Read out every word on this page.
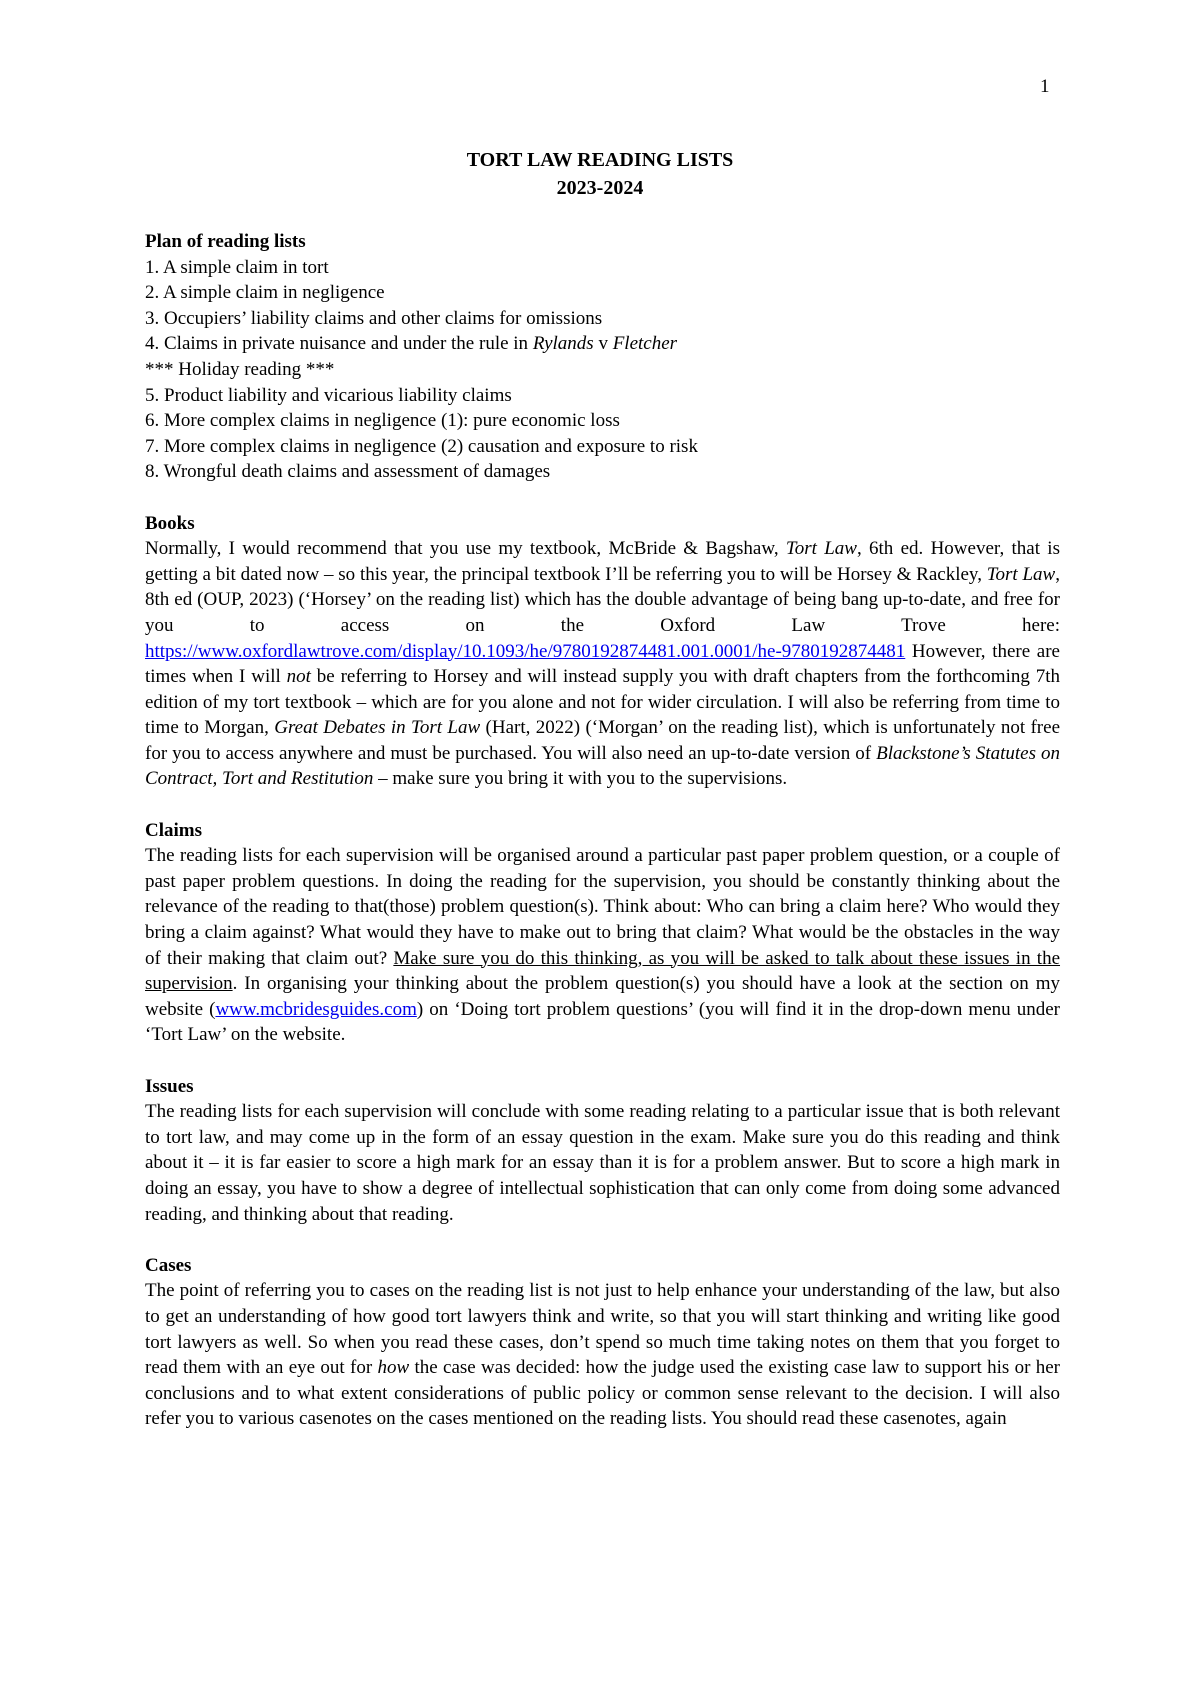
1
TORT LAW READING LISTS
2023-2024
Plan of reading lists
1. A simple claim in tort
2. A simple claim in negligence
3. Occupiers’ liability claims and other claims for omissions
4. Claims in private nuisance and under the rule in Rylands v Fletcher
*** Holiday reading ***
5. Product liability and vicarious liability claims
6. More complex claims in negligence (1): pure economic loss
7. More complex claims in negligence (2) causation and exposure to risk
8. Wrongful death claims and assessment of damages
Books

Normally, I would recommend that you use my textbook, McBride & Bagshaw, Tort Law, 6th ed. However, that is getting a bit dated now – so this year, the principal textbook I’ll be referring you to will be Horsey & Rackley, Tort Law, 8th ed (OUP, 2023) (‘Horsey’ on the reading list) which has the double advantage of being bang up-to-date, and free for you to access on the Oxford Law Trove here: https://www.oxfordlawtrove.com/display/10.1093/he/9780192874481.001.0001/he-9780192874481 However, there are times when I will not be referring to Horsey and will instead supply you with draft chapters from the forthcoming 7th edition of my tort textbook – which are for you alone and not for wider circulation. I will also be referring from time to time to Morgan, Great Debates in Tort Law (Hart, 2022) (‘Morgan’ on the reading list), which is unfortunately not free for you to access anywhere and must be purchased. You will also need an up-to-date version of Blackstone’s Statutes on Contract, Tort and Restitution – make sure you bring it with you to the supervisions.

Claims

The reading lists for each supervision will be organised around a particular past paper problem question, or a couple of past paper problem questions. In doing the reading for the supervision, you should be constantly thinking about the relevance of the reading to that(those) problem question(s). Think about: Who can bring a claim here? Who would they bring a claim against? What would they have to make out to bring that claim? What would be the obstacles in the way of their making that claim out? Make sure you do this thinking, as you will be asked to talk about these issues in the supervision. In organising your thinking about the problem question(s) you should have a look at the section on my website (www.mcbridesguides.com) on ‘Doing tort problem questions’ (you will find it in the drop-down menu under ‘Tort Law’ on the website.

Issues

The reading lists for each supervision will conclude with some reading relating to a particular issue that is both relevant to tort law, and may come up in the form of an essay question in the exam. Make sure you do this reading and think about it – it is far easier to score a high mark for an essay than it is for a problem answer. But to score a high mark in doing an essay, you have to show a degree of intellectual sophistication that can only come from doing some advanced reading, and thinking about that reading.

Cases

The point of referring you to cases on the reading list is not just to help enhance your understanding of the law, but also to get an understanding of how good tort lawyers think and write, so that you will start thinking and writing like good tort lawyers as well. So when you read these cases, don’t spend so much time taking notes on them that you forget to read them with an eye out for how the case was decided: how the judge used the existing case law to support his or her conclusions and to what extent considerations of public policy or common sense relevant to the decision. I will also refer you to various casenotes on the cases mentioned on the reading lists. You should read these casenotes, again
